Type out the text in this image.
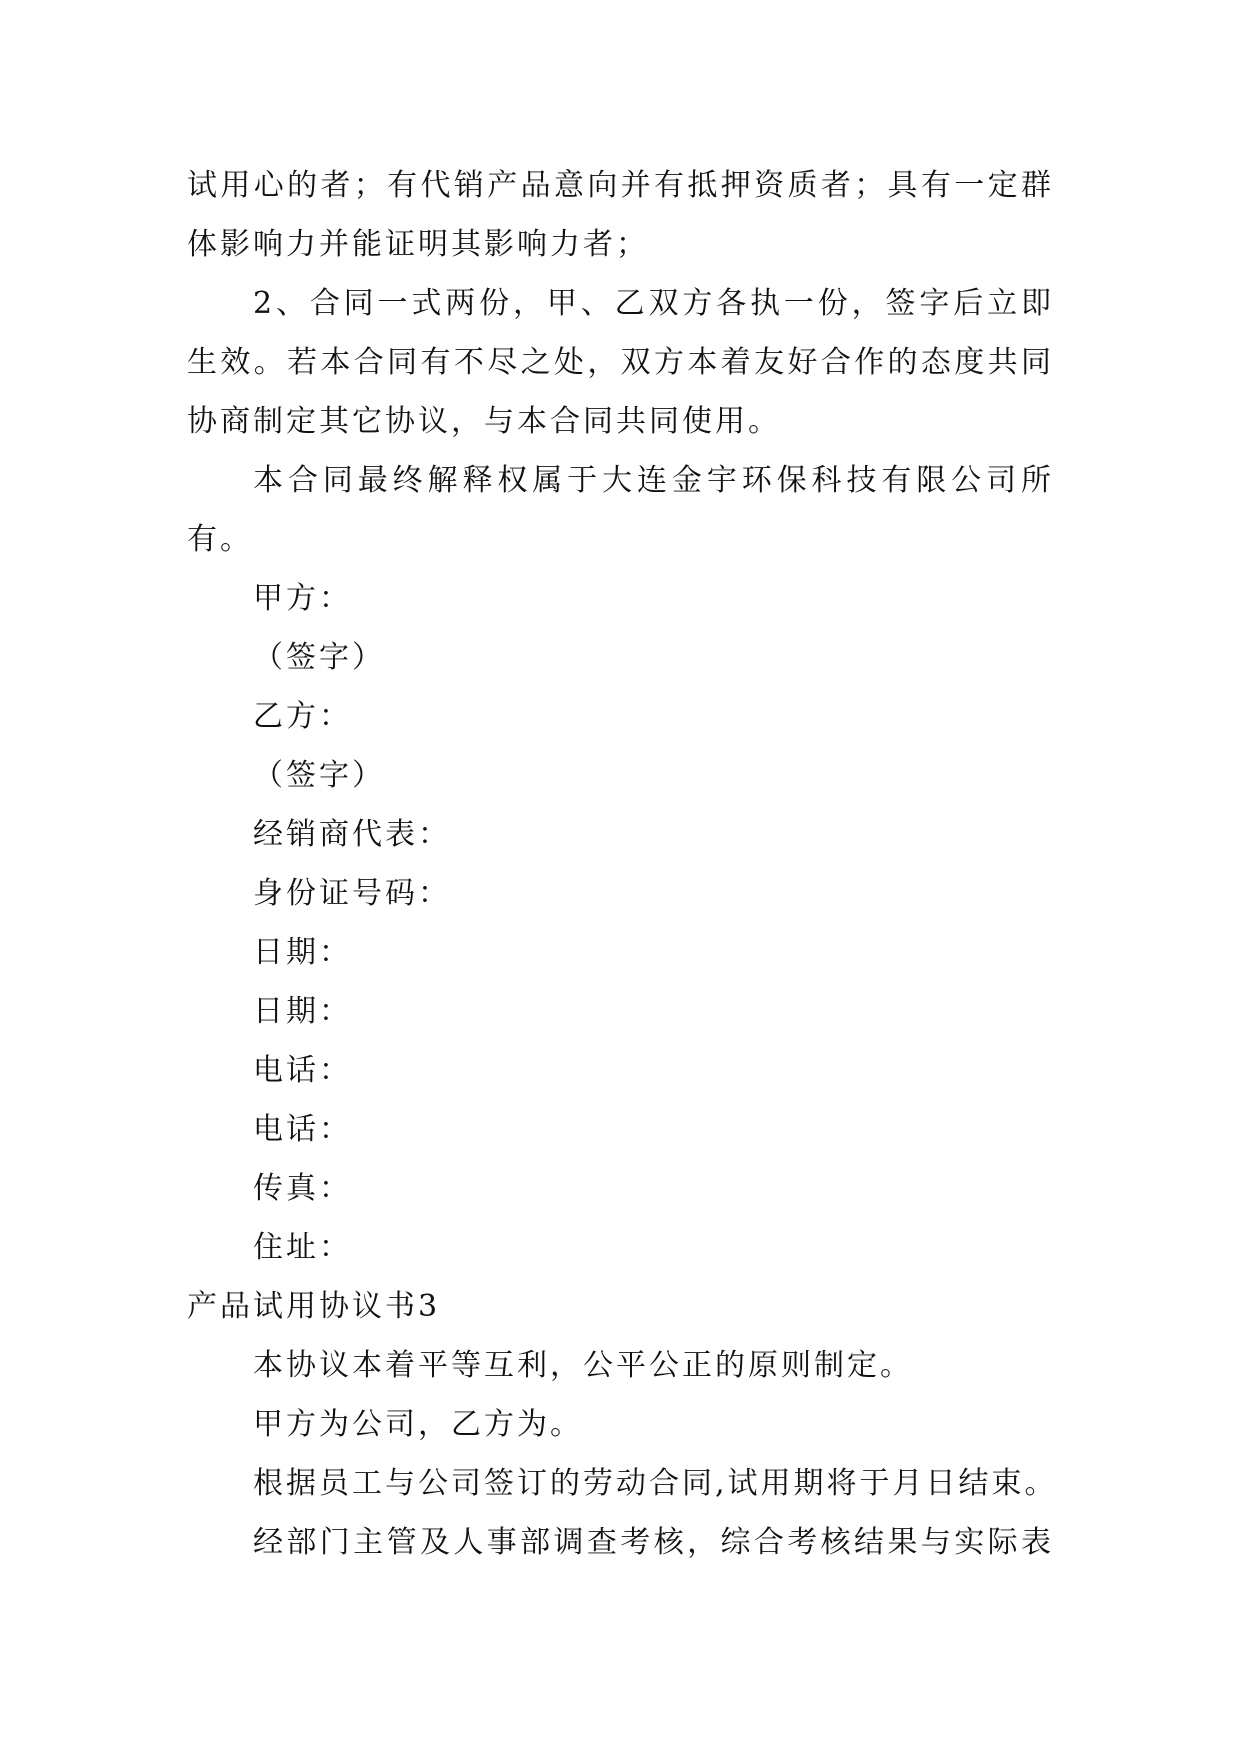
试用心的者；有代销产品意向并有抵押资质者；具有一定群
体影响力并能证明其影响力者；
2、合同一式两份，甲、乙双方各执一份，签字后立即
生效。若本合同有不尽之处，双方本着友好合作的态度共同
协商制定其它协议，与本合同共同使用。
本合同最终解释权属于大连金宇环保科技有限公司所
有。
甲方：
（签字）
乙方：
（签字）
经销商代表：
身份证号码：
日期：
日期：
电话：
电话：
传真：
住址：
产品试用协议书3
本协议本着平等互利，公平公正的原则制定。
甲方为公司，乙方为。
根据员工与公司签订的劳动合同,试用期将于月日结束。
经部门主管及人事部调查考核，综合考核结果与实际表
